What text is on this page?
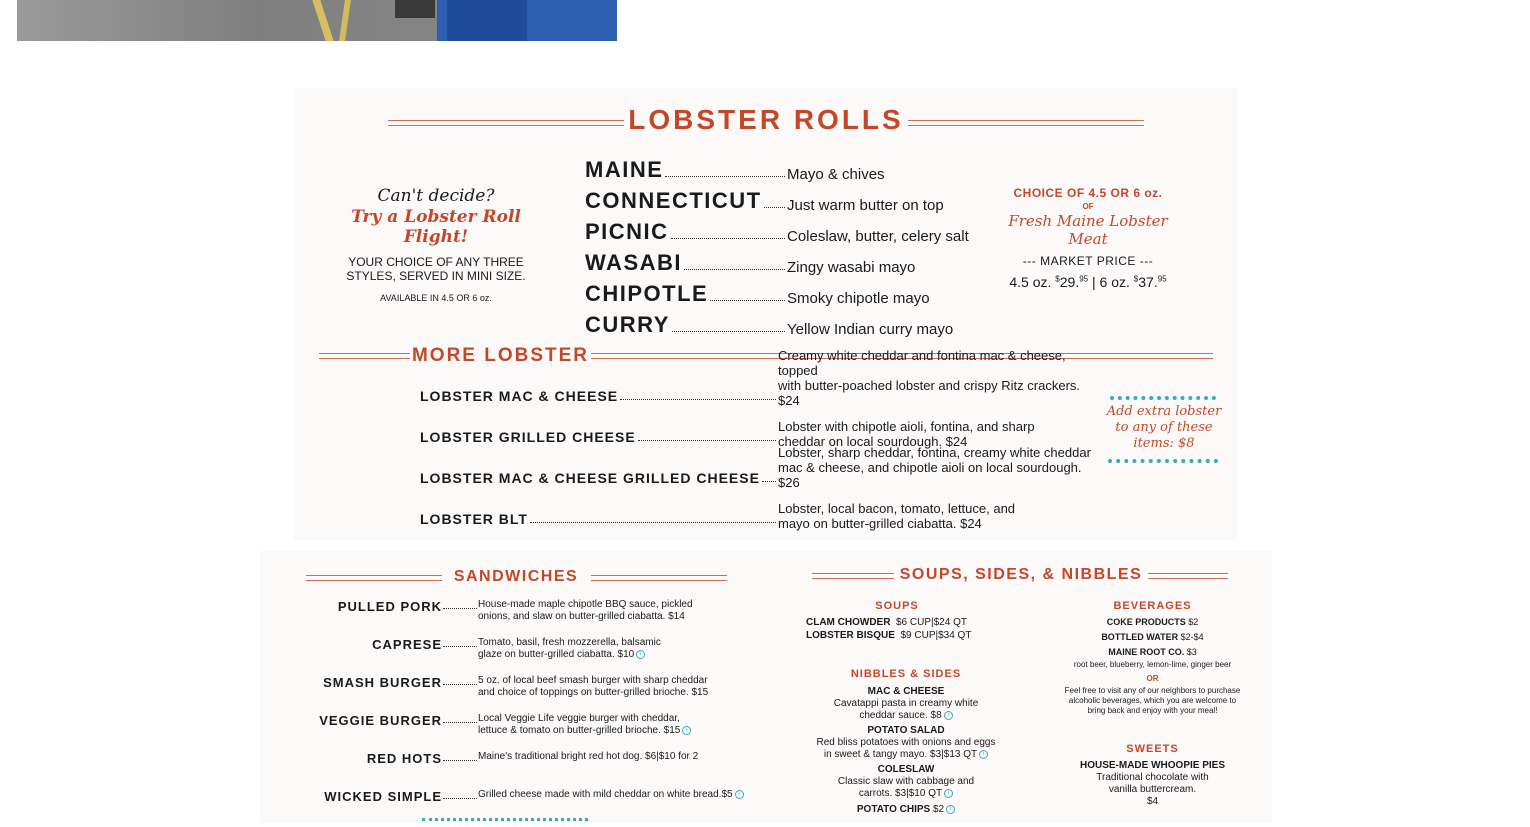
LOBSTER ROLLS
MAINE	Mayo & chives
CONNECTICUT Just warm butter on top
PICNIC	Coleslaw, butter, celery salt
WASABI	Zingy wasabi mayo
CHIPOTLE	Smoky chipotle mayo
CURRY	Yellow Indian curry mayo
Can't decide?
Try a Lobster Roll Flight!
YOUR CHOICE OF ANY THREE
STYLES, SERVED IN MINI SIZE.
AVAILABLE IN 4.5 OR 6 oz.
CHOICE OF 4.5 OR 6 oz.
OF
Fresh Maine Lobster Meat
--- MARKET PRICE ---
4.5 oz. $29.95 | 6 oz. $37.95
MORE LOBSTER
LOBSTER MAC & CHEESE
Creamy white cheddar and fontina mac & cheese, topped
with butter-poached lobster and crispy Ritz crackers. $24
LOBSTER GRILLED CHEESE
Lobster with chipotle aioli, fontina, and sharp
cheddar on local sourdough. $24
LOBSTER MAC & CHEESE GRILLED CHEESE
Lobster, sharp cheddar, fontina, creamy white cheddar
mac & cheese, and chipotle aioli on local sourdough. $26
LOBSTER BLT
Lobster, local bacon, tomato, lettuce, and
mayo on butter-grilled ciabatta. $24
Add extra lobster
to any of these
items: $8
SANDWICHES
PULLED PORK	House-made maple chipotle BBQ sauce, pickled
onions, and slaw on butter-grilled ciabatta. $14
CAPRESE	Tomato, basil, fresh mozzerella, balsamic
glaze on butter-grilled ciabatta. $10 i
SMASH BURGER	5 oz. of local beef smash burger with sharp cheddar
and choice of toppings on butter-grilled brioche. $15
VEGGIE BURGER	Local Veggie Life veggie burger with cheddar,
lettuce & tomato on butter-grilled brioche. $15 i
RED HOTS	Maine's traditional bright red hot dog. $6|$10 for 2
WICKED SIMPLE	Grilled cheese made with mild cheddar on white bread.$5 i
SOUPS, SIDES, & NIBBLES
SOUPS
CLAM CHOWDER $6 CUP|$24 QT
LOBSTER BISQUE $9 CUP|$34 QT
NIBBLES & SIDES
MAC & CHEESE
Cavatappi pasta in creamy white
cheddar sauce. $8 i
POTATO SALAD
Red bliss potatoes with onions and eggs
in sweet & tangy mayo. $3|$13 QT i
COLESLAW
Classic slaw with cabbage and
carrots. $3|$10 QT i
POTATO CHIPS $2 i
BEVERAGES
COKE PRODUCTS $2
BOTTLED WATER $2-$4
MAINE ROOT CO. $3
root beer, blueberry, lemon-lime, ginger beer
OR
Feel free to visit any of our neighbors to purchase
alcoholic beverages, which you are welcome to
bring back and enjoy with your meal!
SWEETS
HOUSE-MADE WHOOPIE PIES
Traditional chocolate with
vanilla buttercream.
$4
